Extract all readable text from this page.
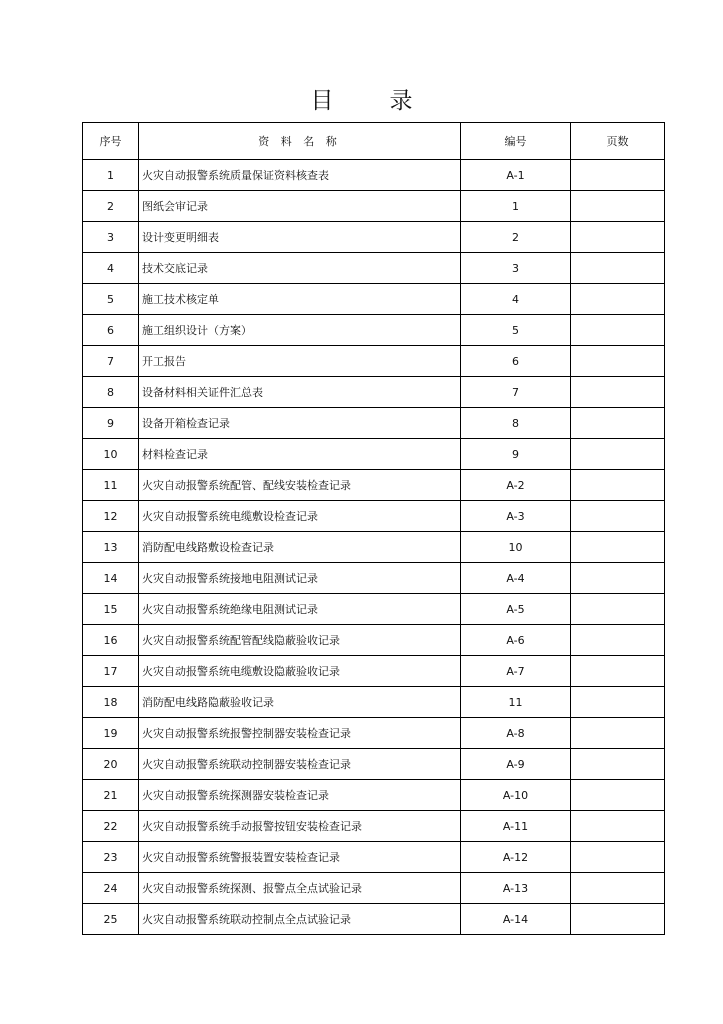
目 录
序号	资 料 名 称	编号	页数
1	火灾自动报警系统质量保证资料核查表	A-1	
2	图纸会审记录	1	
3	设计变更明细表	2	
4	技术交底记录	3	
5	施工技术核定单	4	
6	施工组织设计（方案）	5	
7	开工报告	6	
8	设备材料相关证件汇总表	7	
9	设备开箱检查记录	8	
10	材料检查记录	9	
11	火灾自动报警系统配管、配线安装检查记录	A-2	
12	火灾自动报警系统电缆敷设检查记录	A-3	
13	消防配电线路敷设检查记录	10	
14	火灾自动报警系统接地电阻测试记录	A-4	
15	火灾自动报警系统绝缘电阻测试记录	A-5	
16	火灾自动报警系统配管配线隐蔽验收记录	A-6	
17	火灾自动报警系统电缆敷设隐蔽验收记录	A-7	
18	消防配电线路隐蔽验收记录	11	
19	火灾自动报警系统报警控制器安装检查记录	A-8	
20	火灾自动报警系统联动控制器安装检查记录	A-9	
21	火灾自动报警系统探测器安装检查记录	A-10	
22	火灾自动报警系统手动报警按钮安装检查记录	A-11	
23	火灾自动报警系统警报装置安装检查记录	A-12	
24	火灾自动报警系统探测、报警点全点试验记录	A-13	
25	火灾自动报警系统联动控制点全点试验记录	A-14	
